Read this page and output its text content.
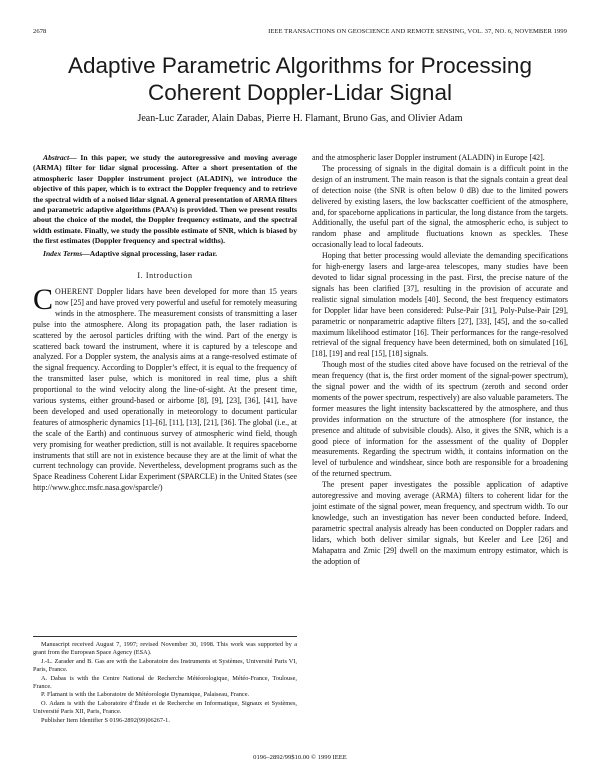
2678	IEEE TRANSACTIONS ON GEOSCIENCE AND REMOTE SENSING, VOL. 37, NO. 6, NOVEMBER 1999
Adaptive Parametric Algorithms for Processing
Coherent Doppler-Lidar Signal
Jean-Luc Zarader, Alain Dabas, Pierre H. Flamant, Bruno Gas, and Olivier Adam

Abstract— In this paper, we study the autoregressive and moving average (ARMA) filter for lidar signal processing. After a short presentation of the atmospheric laser Doppler instrument project (ALADIN), we introduce the objective of this paper, which is to extract the Doppler frequency and to retrieve the spectral width of a noised lidar signal. A general presentation of ARMA filters and parametric adaptive algorithms (PAA’s) is provided. Then we present results about the choice of the model, the Doppler frequency estimate, and the spectral width estimate. Finally, we study the possible estimate of SNR, which is biased by the first estimates (Doppler frequency and spectral widths).

Index Terms—Adaptive signal processing, laser radar.

I. Introduction

COHERENT Doppler lidars have been developed for more than 15 years now [25] and have proved very powerful and useful for remotely measuring winds in the atmosphere. The measurement consists of transmitting a laser pulse into the atmosphere. Along its propagation path, the laser radiation is scattered by the aerosol particles drifting with the wind. Part of the energy is scattered back toward the instrument, where it is captured by a telescope and analyzed. For a Doppler system, the analysis aims at a range-resolved estimate of the signal frequency. According to Doppler’s effect, it is equal to the frequency of the transmitted laser pulse, which is monitored in real time, plus a shift proportional to the wind velocity along the line-of-sight. At the present time, various systems, either ground-based or airborne [8], [9], [23], [36], [41], have been developed and used operationally in meteorology to document particular features of atmospheric dynamics [1]–[6], [11], [13], [21], [36]. The global (i.e., at the scale of the Earth) and continuous survey of atmospheric wind field, though very promising for weather prediction, still is not available. It requires spaceborne instruments that still are not in existence because they are at the limit of what the current technology can provide. Nevertheless, development programs such as the Space Readiness Coherent Lidar Experiment (SPARCLE) in the United States (see http://www.ghcc.msfc.nasa.gov/sparcle/)

Manuscript received August 7, 1997; revised November 30, 1998. This work was supported by a grant from the European Space Agency (ESA).

J.-L. Zarader and B. Gas are with the Laboratoire des Instruments et Systèmes, Université Paris VI, Paris, France.

A. Dabas is with the Centre National de Recherche Météorologique, Météo-France, Toulouse, France.

P. Flamant is with the Laboratoire de Météorologie Dynamique, Palaiseau, France.

O. Adam is with the Laboratoire d’Étude et de Recherche en Informatique, Signaux et Systèmes, Université Paris XII, Paris, France.

Publisher Item Identifier S 0196-2892(99)06267-1.

and the atmospheric laser Doppler instrument (ALADIN) in Europe [42].

The processing of signals in the digital domain is a difficult point in the design of an instrument. The main reason is that the signals contain a great deal of detection noise (the SNR is often below 0 dB) due to the limited powers delivered by existing lasers, the low backscatter coefficient of the atmosphere, and, for spaceborne applications in particular, the long distance from the targets. Additionally, the useful part of the signal, the atmospheric echo, is subject to random phase and amplitude fluctuations known as speckles. These occasionally lead to local fadeouts.

Hoping that better processing would alleviate the demanding specifications for high-energy lasers and large-area telescopes, many studies have been devoted to lidar signal processing in the past. First, the precise nature of the signals has been clarified [37], resulting in the provision of accurate and realistic signal simulation models [40]. Second, the best frequency estimators for Doppler lidar have been considered: Pulse-Pair [31], Poly-Pulse-Pair [29], parametric or nonparametric adaptive filters [27], [33], [45], and the so-called maximum likelihood estimator [16]. Their performances for the range-resolved retrieval of the signal frequency have been determined, both on simulated [16], [18], [19] and real [15], [18] signals.

Though most of the studies cited above have focused on the retrieval of the mean frequency (that is, the first order moment of the signal-power spectrum), the signal power and the width of its spectrum (zeroth and second order moments of the power spectrum, respectively) are also valuable parameters. The former measures the light intensity backscattered by the atmosphere, and thus provides information on the structure of the atmosphere (for instance, the presence and altitude of subvisible clouds). Also, it gives the SNR, which is a good piece of information for the assessment of the quality of Doppler measurements. Regarding the spectrum width, it contains information on the level of turbulence and windshear, since both are responsible for a broadening of the returned spectrum.

The present paper investigates the possible application of adaptive autoregressive and moving average (ARMA) filters to coherent lidar for the joint estimate of the signal power, mean frequency, and spectrum width. To our knowledge, such an investigation has never been conducted before. Indeed, parametric spectral analysis already has been conducted on Doppler radars and lidars, which both deliver similar signals, but Keeler and Lee [26] and Mahapatra and Zrnic [29] dwell on the maximum entropy estimator, which is the adoption of

0196–2892/99$10.00 © 1999 IEEE
